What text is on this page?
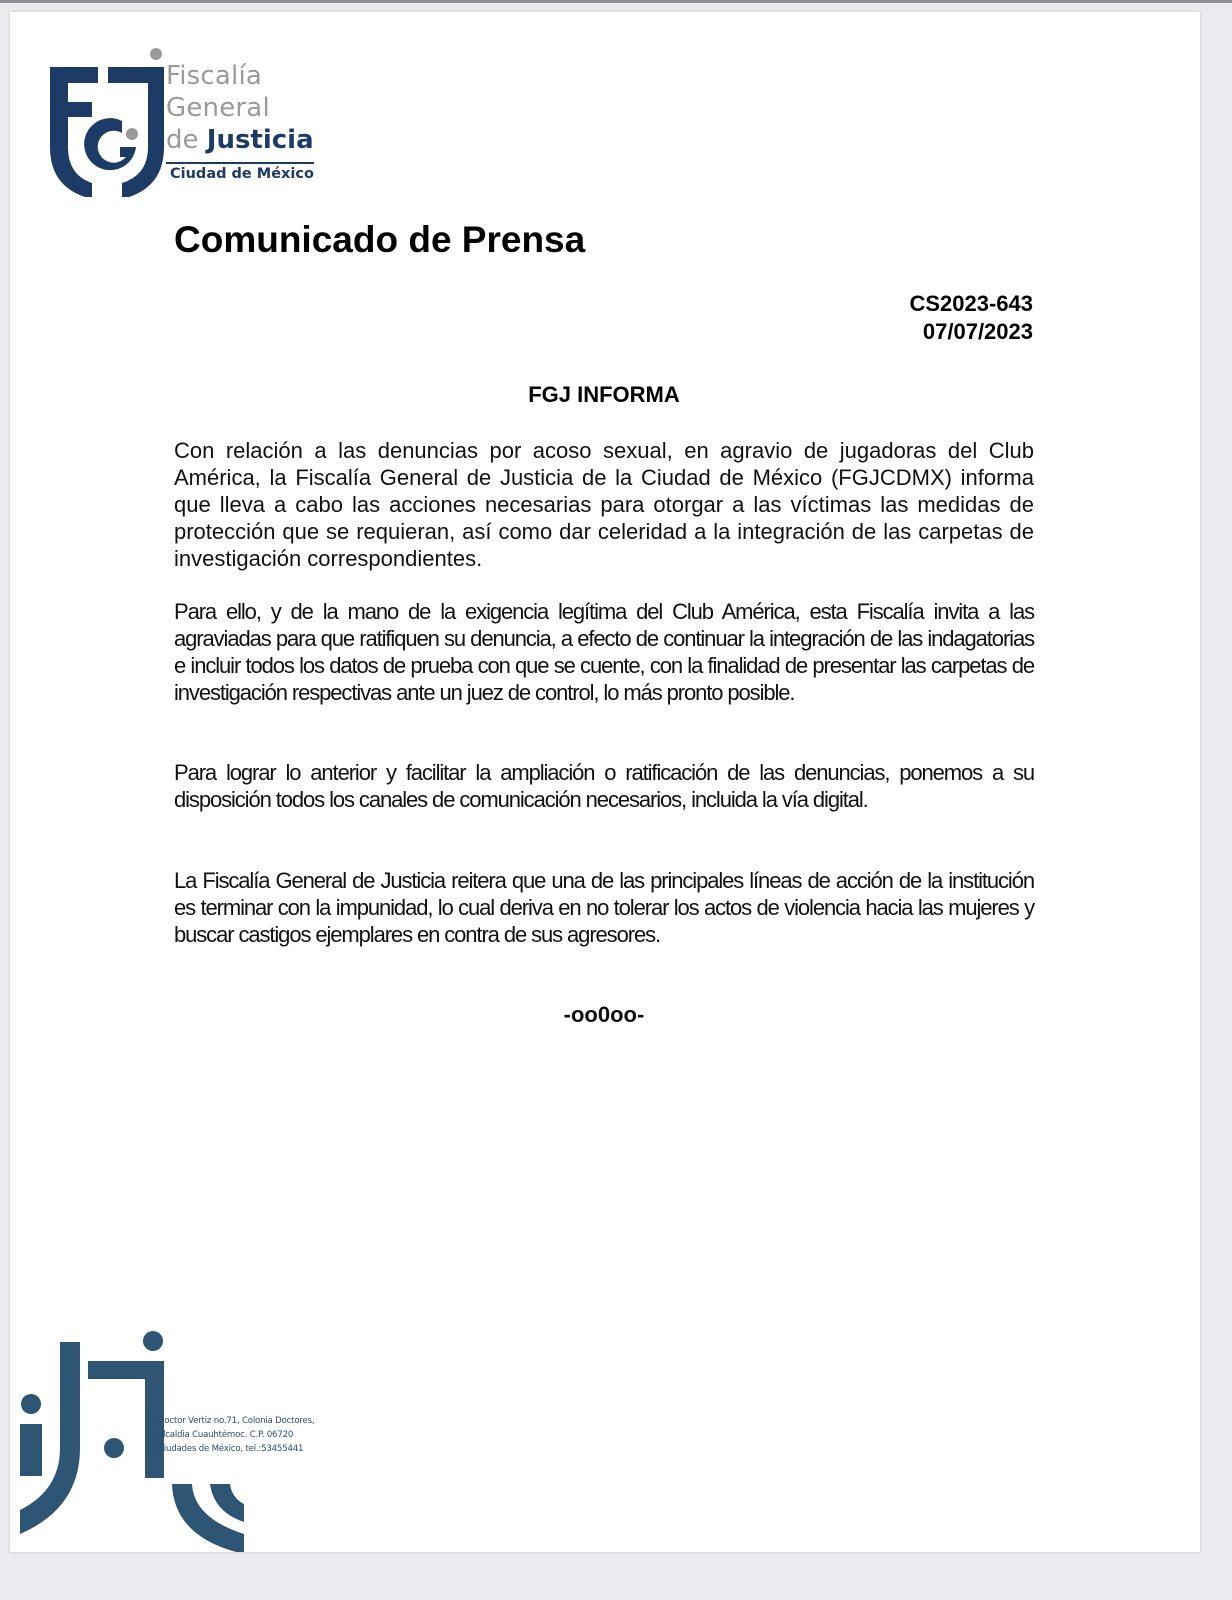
Fiscalía
General
de Justicia
Ciudad de México
Comunicado de Prensa
CS2023-643
07/07/2023
FGJ INFORMA

Con relación a las denuncias por acoso sexual, en agravio de jugadoras del Club América, la Fiscalía General de Justicia de la Ciudad de México (FGJCDMX) informa que lleva a cabo las acciones necesarias para otorgar a las víctimas las medidas de protección que se requieran, así como dar celeridad a la integración de las carpetas de investigación correspondientes.

Para ello, y de la mano de la exigencia legítima del Club América, esta Fiscalía invita a las agraviadas para que ratifiquen su denuncia, a efecto de continuar la integración de las indagatorias e incluir todos los datos de prueba con que se cuente, con la finalidad de presentar las carpetas de investigación respectivas ante un juez de control, lo más pronto posible.

Para lograr lo anterior y facilitar la ampliación o ratificación de las denuncias, ponemos a su disposición todos los canales de comunicación necesarios, incluida la vía digital.

La Fiscalía General de Justicia reitera que una de las principales líneas de acción de la institución es terminar con la impunidad, lo cual deriva en no tolerar los actos de violencia hacia las mujeres y buscar castigos ejemplares en contra de sus agresores.

-oo0oo-
Doctor Vertiz no.71, Colonia Doctores,
alcaldia Cuauhtémoc. C.P. 06720
Ciudades de México, tel.:53455441
